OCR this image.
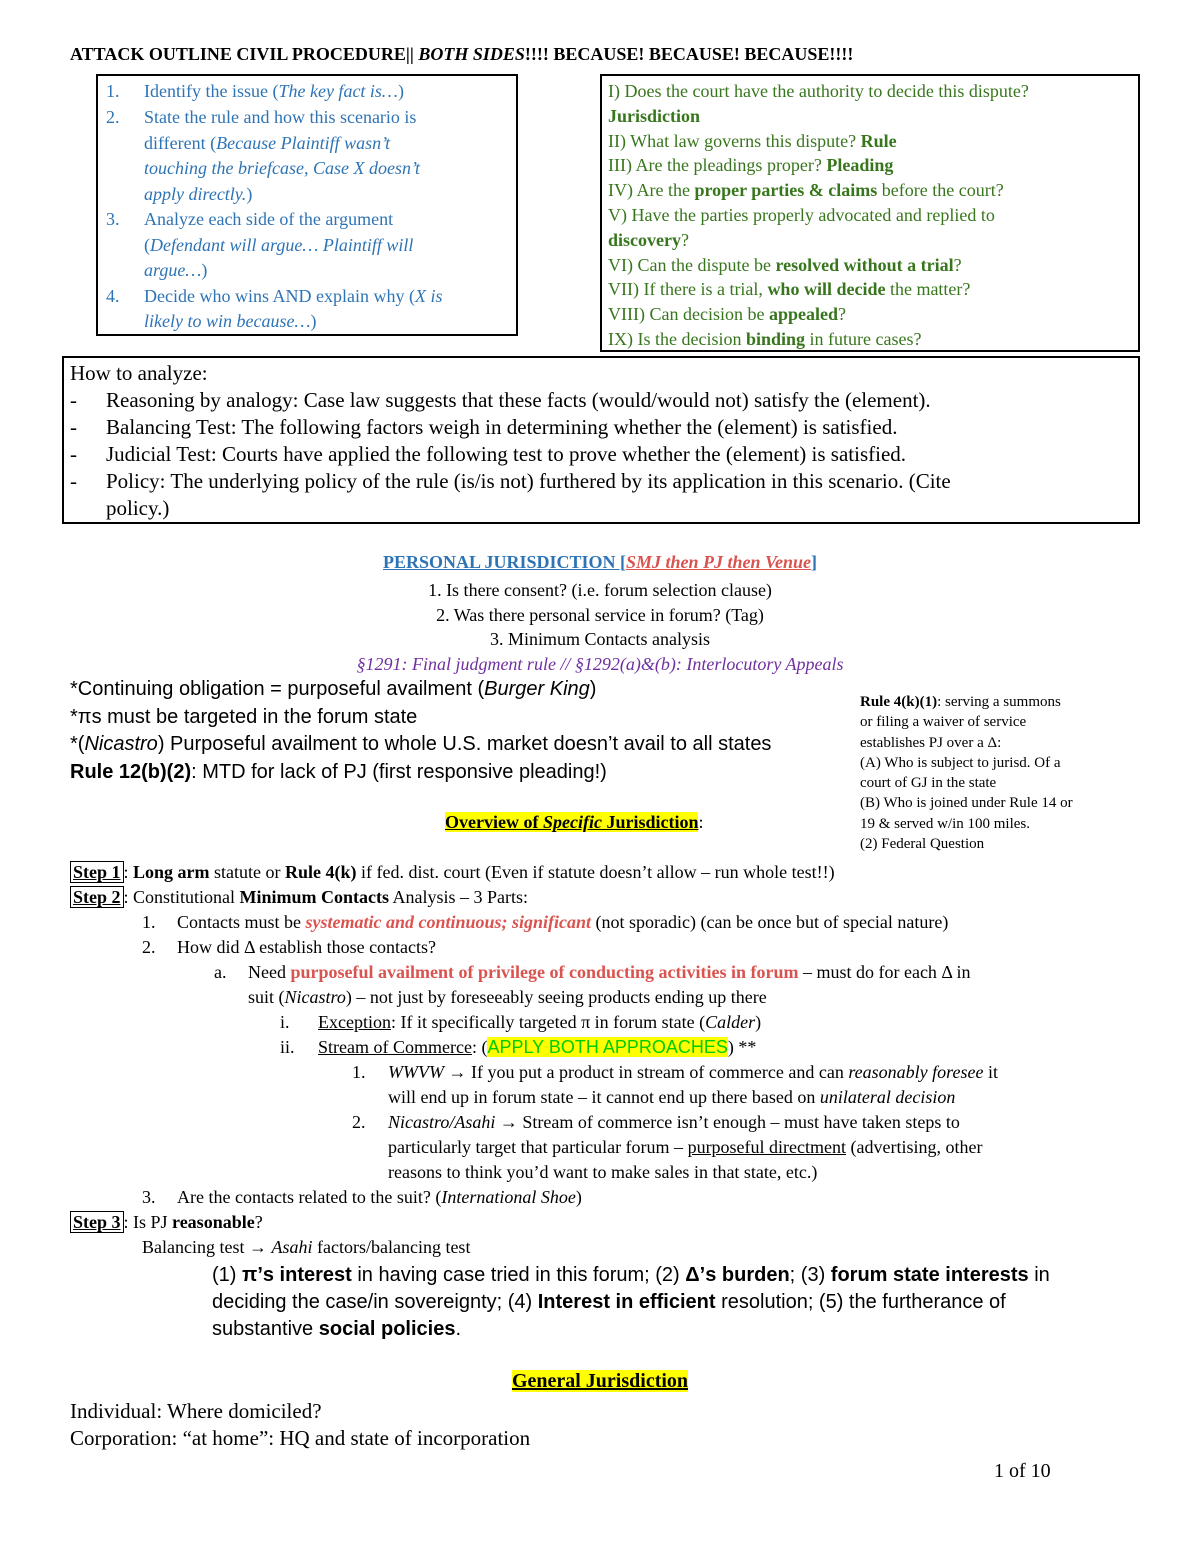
ATTACK OUTLINE CIVIL PROCEDURE|| BOTH SIDES!!!! BECAUSE! BECAUSE! BECAUSE!!!!
1. Identify the issue (The key fact is…)
2. State the rule and how this scenario is
different (Because Plaintiff wasn’t
touching the briefcase, Case X doesn’t
apply directly.)
3. Analyze each side of the argument
(Defendant will argue… Plaintiff will
argue…)
4. Decide who wins AND explain why (X is
likely to win because…)
I) Does the court have the authority to decide this dispute?
Jurisdiction
II) What law governs this dispute? Rule
III) Are the pleadings proper? Pleading
IV) Are the proper parties & claims before the court?
V) Have the parties properly advocated and replied to
discovery?
VI) Can the dispute be resolved without a trial?
VII) If there is a trial, who will decide the matter?
VIII) Can decision be appealed?
IX) Is the decision binding in future cases?
How to analyze:
- Reasoning by analogy: Case law suggests that these facts (would/would not) satisfy the (element).
- Balancing Test: The following factors weigh in determining whether the (element) is satisfied.
- Judicial Test: Courts have applied the following test to prove whether the (element) is satisfied.
- Policy: The underlying policy of the rule (is/is not) furthered by its application in this scenario. (Cite
policy.)
PERSONAL JURISDICTION [SMJ then PJ then Venue]
1. Is there consent? (i.e. forum selection clause)
2. Was there personal service in forum? (Tag)
3. Minimum Contacts analysis
§1291: Final judgment rule // §1292(a)&(b): Interlocutory Appeals
*Continuing obligation = purposeful availment (Burger King)
*πs must be targeted in the forum state
*(Nicastro) Purposeful availment to whole U.S. market doesn’t avail to all states
Rule 12(b)(2): MTD for lack of PJ (first responsive pleading!)
Rule 4(k)(1): serving a summons
or filing a waiver of service
establishes PJ over a Δ:
(A) Who is subject to jurisd. Of a
court of GJ in the state
(B) Who is joined under Rule 14 or
19 & served w/in 100 miles.
(2) Federal Question
Overview of Specific Jurisdiction:
Step 1 : Long arm statute or Rule 4(k) if fed. dist. court (Even if statute doesn’t allow – run whole test!!)
Step 2 : Constitutional Minimum Contacts Analysis – 3 Parts:
1. Contacts must be systematic and continuous; significant (not sporadic) (can be once but of special nature)
2. How did Δ establish those contacts?
a. Need purposeful availment of privilege of conducting activities in forum – must do for each Δ in
suit (Nicastro) – not just by foreseeably seeing products ending up there
i. Exception: If it specifically targeted π in forum state (Calder)
ii. Stream of Commerce: (APPLY BOTH APPROACHES) **
1. WWVW → If you put a product in stream of commerce and can reasonably foresee it
will end up in forum state – it cannot end up there based on unilateral decision
2. Nicastro/Asahi → Stream of commerce isn’t enough – must have taken steps to
particularly target that particular forum – purposeful directment (advertising, other
reasons to think you’d want to make sales in that state, etc.)
3. Are the contacts related to the suit? (International Shoe)
Step 3 : Is PJ reasonable?
Balancing test → Asahi factors/balancing test
(1) π’s interest in having case tried in this forum; (2) Δ’s burden; (3) forum state interests in
deciding the case/in sovereignty; (4) Interest in efficient resolution; (5) the furtherance of
substantive social policies.
General Jurisdiction
Individual: Where domiciled?
Corporation: “at home”: HQ and state of incorporation
1 of 10
